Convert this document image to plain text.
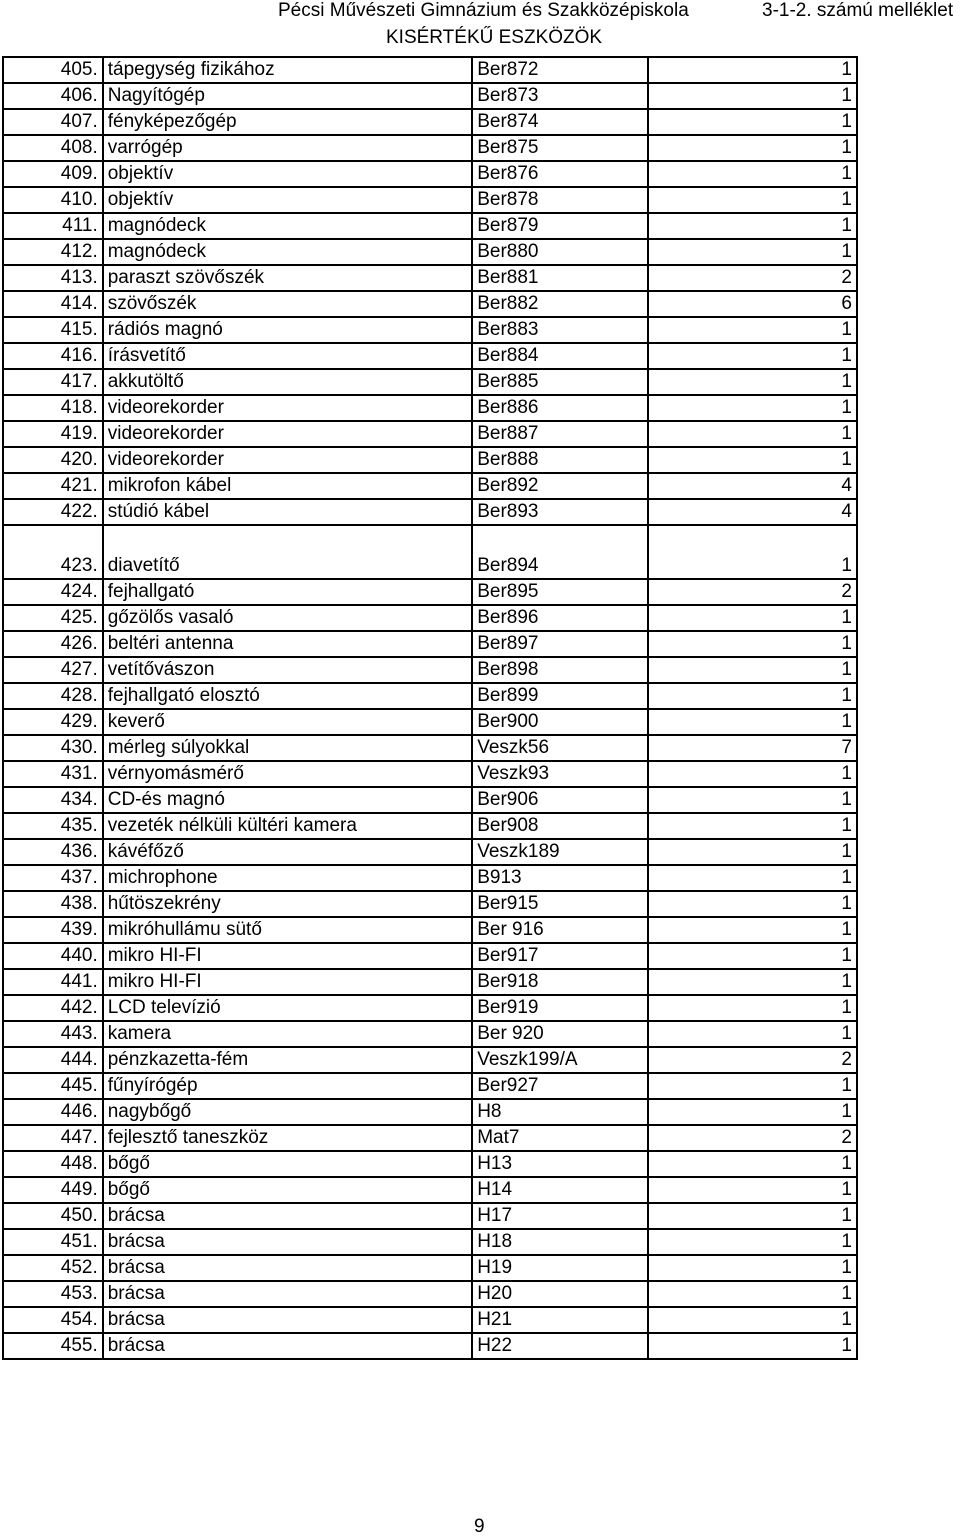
Pécsi Művészeti Gimnázium és Szakközépiskola	3-1-2. számú melléklet
KISÉRTÉKŰ ESZKÖZÖK
405.	tápegység fizikához	Ber872	1
406.	Nagyítógép	Ber873	1
407.	fényképezőgép	Ber874	1
408.	varrógép	Ber875	1
409.	objektív	Ber876	1
410.	objektív	Ber878	1
411.	magnódeck	Ber879	1
412.	magnódeck	Ber880	1
413.	paraszt szövőszék	Ber881	2
414.	szövőszék	Ber882	6
415.	rádiós magnó	Ber883	1
416.	írásvetítő	Ber884	1
417.	akkutöltő	Ber885	1
418.	videorekorder	Ber886	1
419.	videorekorder	Ber887	1
420.	videorekorder	Ber888	1
421.	mikrofon kábel	Ber892	4
422.	stúdió kábel	Ber893	4
423.	diavetítő	Ber894	1
424.	fejhallgató	Ber895	2
425.	gőzölős vasaló	Ber896	1
426.	beltéri antenna	Ber897	1
427.	vetítővászon	Ber898	1
428.	fejhallgató elosztó	Ber899	1
429.	keverő	Ber900	1
430.	mérleg súlyokkal	Veszk56	7
431.	vérnyomásmérő	Veszk93	1
434.	CD-és magnó	Ber906	1
435.	vezeték nélküli kültéri kamera	Ber908	1
436.	kávéfőző	Veszk189	1
437.	michrophone	B913	1
438.	hűtöszekrény	Ber915	1
439.	mikróhullámu sütő	Ber 916	1
440.	mikro HI-FI	Ber917	1
441.	mikro HI-FI	Ber918	1
442.	LCD televízió	Ber919	1
443.	kamera	Ber 920	1
444.	pénzkazetta-fém	Veszk199/A	2
445.	fűnyírógép	Ber927	1
446.	nagybőgő	H8	1
447.	fejlesztő taneszköz	Mat7	2
448.	bőgő	H13	1
449.	bőgő	H14	1
450.	brácsa	H17	1
451.	brácsa	H18	1
452.	brácsa	H19	1
453.	brácsa	H20	1
454.	brácsa	H21	1
455.	brácsa	H22	1
9
